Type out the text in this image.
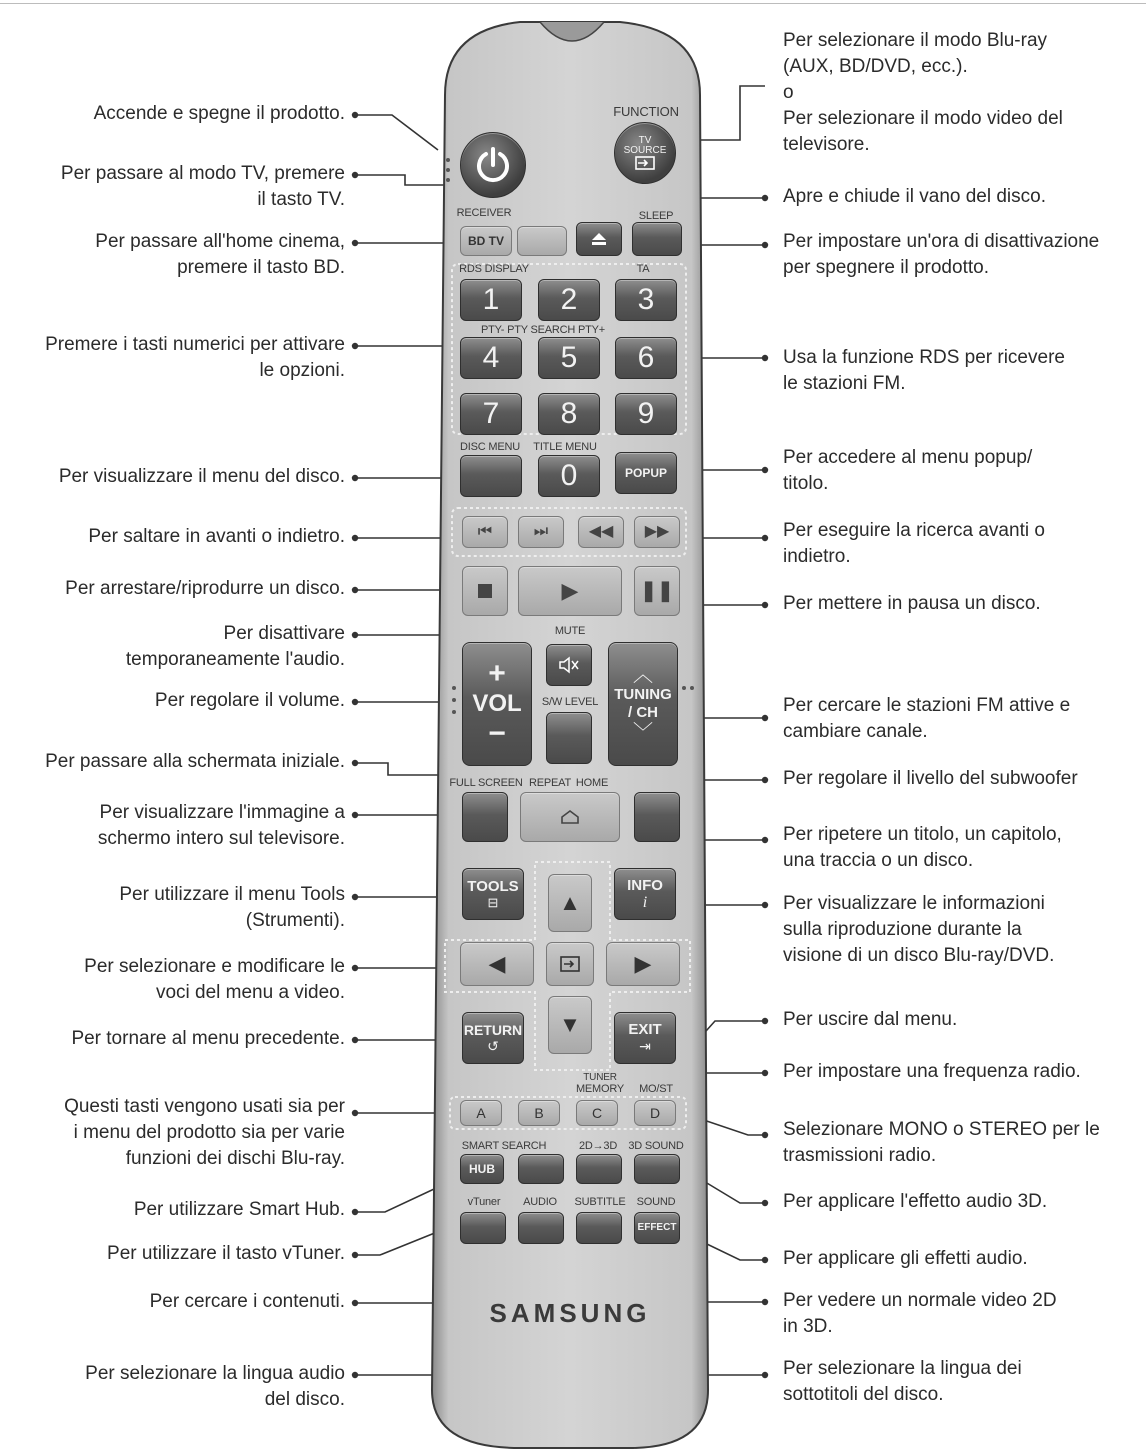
FUNCTION
RECEIVER	SLEEP
RDS DISPLAY	TA
PTY- PTY SEARCH PTY+
DISC MENU TITLE MENU
MUTE
S/W LEVEL
FULL SCREEN REPEAT HOME
TUNER
MEMORY MO/ST
SMART SEARCH	2D→3D 3D SOUND
vTuner AUDIO SUBTITLE SOUND
TV
SOURCE
BD TV
1 2 3
4 5 6
7 8 9
0	POPUP
⏮	⏭	◀◀ ▶▶
▶	❚❚
+
VOL
−
︿
TUNING
/ CH
﹀
TOOLS
⊟
INFO
i
▲
◀	▶
▼
RETURN
↺
EXIT
⇥
A	B	C	D
HUB
EFFECT
SAMSUNG
Accende e spegne il prodotto.
Per passare al modo TV, premere
il tasto TV.
Per passare all'home cinema,
premere il tasto BD.
Premere i tasti numerici per attivare
le opzioni.
Per visualizzare il menu del disco.
Per saltare in avanti o indietro.
Per arrestare/riprodurre un disco.
Per disattivare
temporaneamente l'audio.
Per regolare il volume.
Per passare alla schermata iniziale.
Per visualizzare l'immagine a
schermo intero sul televisore.
Per utilizzare il menu Tools
(Strumenti).
Per selezionare e modificare le
voci del menu a video.
Per tornare al menu precedente.
Questi tasti vengono usati sia per
i menu del prodotto sia per varie
funzioni dei dischi Blu-ray.
Per utilizzare Smart Hub.
Per utilizzare il tasto vTuner.
Per cercare i contenuti.
Per selezionare la lingua audio
del disco.
Per selezionare il modo Blu-ray
(AUX, BD/DVD, ecc.).
o
Per selezionare il modo video del
televisore.
Apre e chiude il vano del disco.
Per impostare un'ora di disattivazione
per spegnere il prodotto.
Usa la funzione RDS per ricevere
le stazioni FM.
Per accedere al menu popup/
titolo.
Per eseguire la ricerca avanti o
indietro.
Per mettere in pausa un disco.
Per cercare le stazioni FM attive e
cambiare canale.
Per regolare il livello del subwoofer
Per ripetere un titolo, un capitolo,
una traccia o un disco.
Per visualizzare le informazioni
sulla riproduzione durante la
visione di un disco Blu-ray/DVD.
Per uscire dal menu.
Per impostare una frequenza radio.
Selezionare MONO o STEREO per le
trasmissioni radio.
Per applicare l'effetto audio 3D.
Per applicare gli effetti audio.
Per vedere un normale video 2D
in 3D.
Per selezionare la lingua dei
sottotitoli del disco.
